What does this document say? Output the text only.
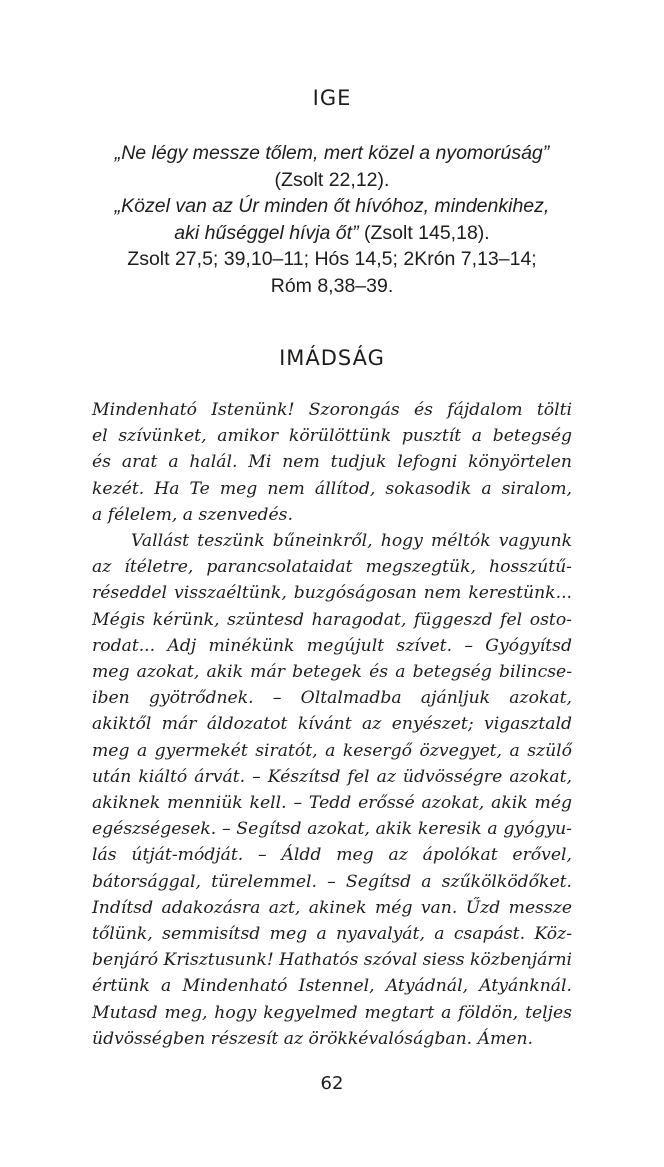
IGE
„Ne légy messze tőlem, mert közel a nyomorúság”
(Zsolt 22,12).
„Közel van az Úr minden őt hívóhoz, mindenkihez,
aki hűséggel hívja őt” (Zsolt 145,18).
Zsolt 27,5; 39,10–11; Hós 14,5; 2Krón 7,13–14;
Róm 8,38–39.
IMÁDSÁG
Mindenható Istenünk! Szorongás és fájdalom tölti
el szívünket, amikor körülöttünk pusztít a betegség
és arat a halál. Mi nem tudjuk lefogni könyörtelen
kezét. Ha Te meg nem állítod, sokasodik a siralom,
a félelem, a szenvedés.
Vallást teszünk bűneinkről, hogy méltók vagyunk
az ítéletre, parancsolataidat megszegtük, hosszútű-
réseddel visszaéltünk, buzgóságosan nem kerestünk...
Mégis kérünk, szüntesd haragodat, függeszd fel osto-
rodat... Adj minékünk megújult szívet. – Gyógyítsd
meg azokat, akik már betegek és a betegség bilincse-
iben gyötrődnek. – Oltalmadba ajánljuk azokat,
akiktől már áldozatot kívánt az enyészet; vigasztald
meg a gyermekét siratót, a kesergő özvegyet, a szülő
után kiáltó árvát. – Készítsd fel az üdvösségre azokat,
akiknek menniük kell. – Tedd erőssé azokat, akik még
egészségesek. – Segítsd azokat, akik keresik a gyógyu-
lás útját-módját. – Áldd meg az ápolókat erővel,
bátorsággal, türelemmel. – Segítsd a szűkölködőket.
Indítsd adakozásra azt, akinek még van. Űzd messze
tőlünk, semmisítsd meg a nyavalyát, a csapást. Köz-
benjáró Krisztusunk! Hathatós szóval siess közbenjárni
értünk a Mindenható Istennel, Atyádnál, Atyánknál.
Mutasd meg, hogy kegyelmed megtart a földön, teljes
üdvösségben részesít az örökkévalóságban. Ámen.
62
